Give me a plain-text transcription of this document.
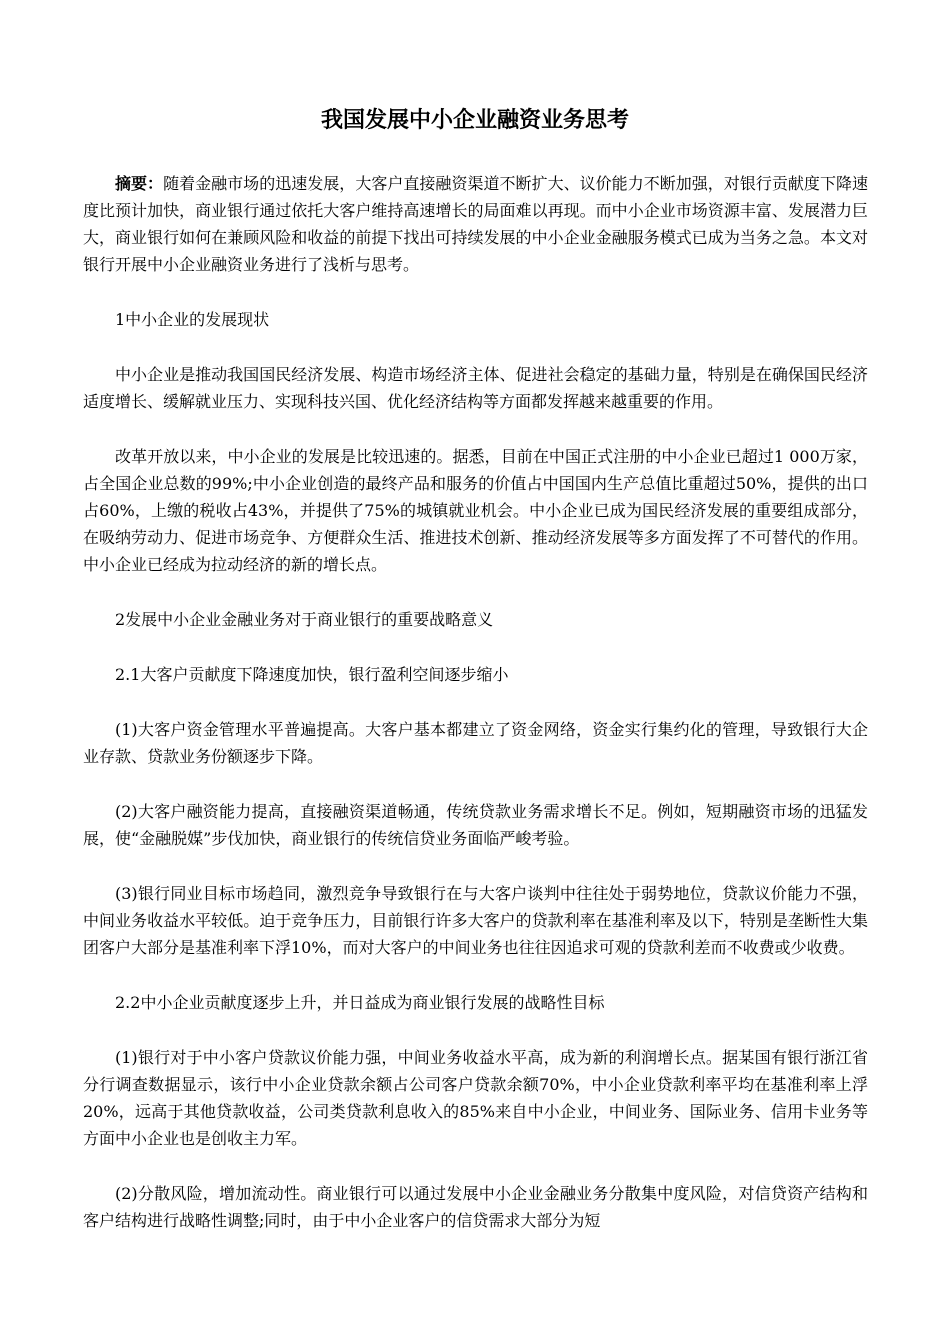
我国发展中小企业融资业务思考

摘要：随着金融市场的迅速发展，大客户直接融资渠道不断扩大、议价能力不断加强，对银行贡献度下降速度比预计加快，商业银行通过依托大客户维持高速增长的局面难以再现。而中小企业市场资源丰富、发展潜力巨大，商业银行如何在兼顾风险和收益的前提下找出可持续发展的中小企业金融服务模式已成为当务之急。本文对银行开展中小企业融资业务进行了浅析与思考。

1中小企业的发展现状

中小企业是推动我国国民经济发展、构造市场经济主体、促进社会稳定的基础力量，特别是在确保国民经济适度增长、缓解就业压力、实现科技兴国、优化经济结构等方面都发挥越来越重要的作用。

改革开放以来，中小企业的发展是比较迅速的。据悉，目前在中国正式注册的中小企业已超过1 000万家，占全国企业总数的99%;中小企业创造的最终产品和服务的价值占中国国内生产总值比重超过50%，提供的出口占60%，上缴的税收占43%，并提供了75%的城镇就业机会。中小企业已成为国民经济发展的重要组成部分，在吸纳劳动力、促进市场竞争、方便群众生活、推进技术创新、推动经济发展等多方面发挥了不可替代的作用。中小企业已经成为拉动经济的新的增长点。

2发展中小企业金融业务对于商业银行的重要战略意义

2.1大客户贡献度下降速度加快，银行盈利空间逐步缩小

(1)大客户资金管理水平普遍提高。大客户基本都建立了资金网络，资金实行集约化的管理，导致银行大企业存款、贷款业务份额逐步下降。

(2)大客户融资能力提高，直接融资渠道畅通，传统贷款业务需求增长不足。例如，短期融资市场的迅猛发展，使“金融脱媒”步伐加快，商业银行的传统信贷业务面临严峻考验。

(3)银行同业目标市场趋同，激烈竞争导致银行在与大客户谈判中往往处于弱势地位，贷款议价能力不强，中间业务收益水平较低。迫于竞争压力，目前银行许多大客户的贷款利率在基准利率及以下，特别是垄断性大集团客户大部分是基准利率下浮10%，而对大客户的中间业务也往往因追求可观的贷款利差而不收费或少收费。

2.2中小企业贡献度逐步上升，并日益成为商业银行发展的战略性目标

(1)银行对于中小客户贷款议价能力强，中间业务收益水平高，成为新的利润增长点。据某国有银行浙江省分行调查数据显示，该行中小企业贷款余额占公司客户贷款余额70%，中小企业贷款利率平均在基准利率上浮20%，远高于其他贷款收益，公司类贷款利息收入的85%来自中小企业，中间业务、国际业务、信用卡业务等方面中小企业也是创收主力军。

(2)分散风险，增加流动性。商业银行可以通过发展中小企业金融业务分散集中度风险，对信贷资产结构和客户结构进行战略性调整;同时，由于中小企业客户的信贷需求大部分为短
